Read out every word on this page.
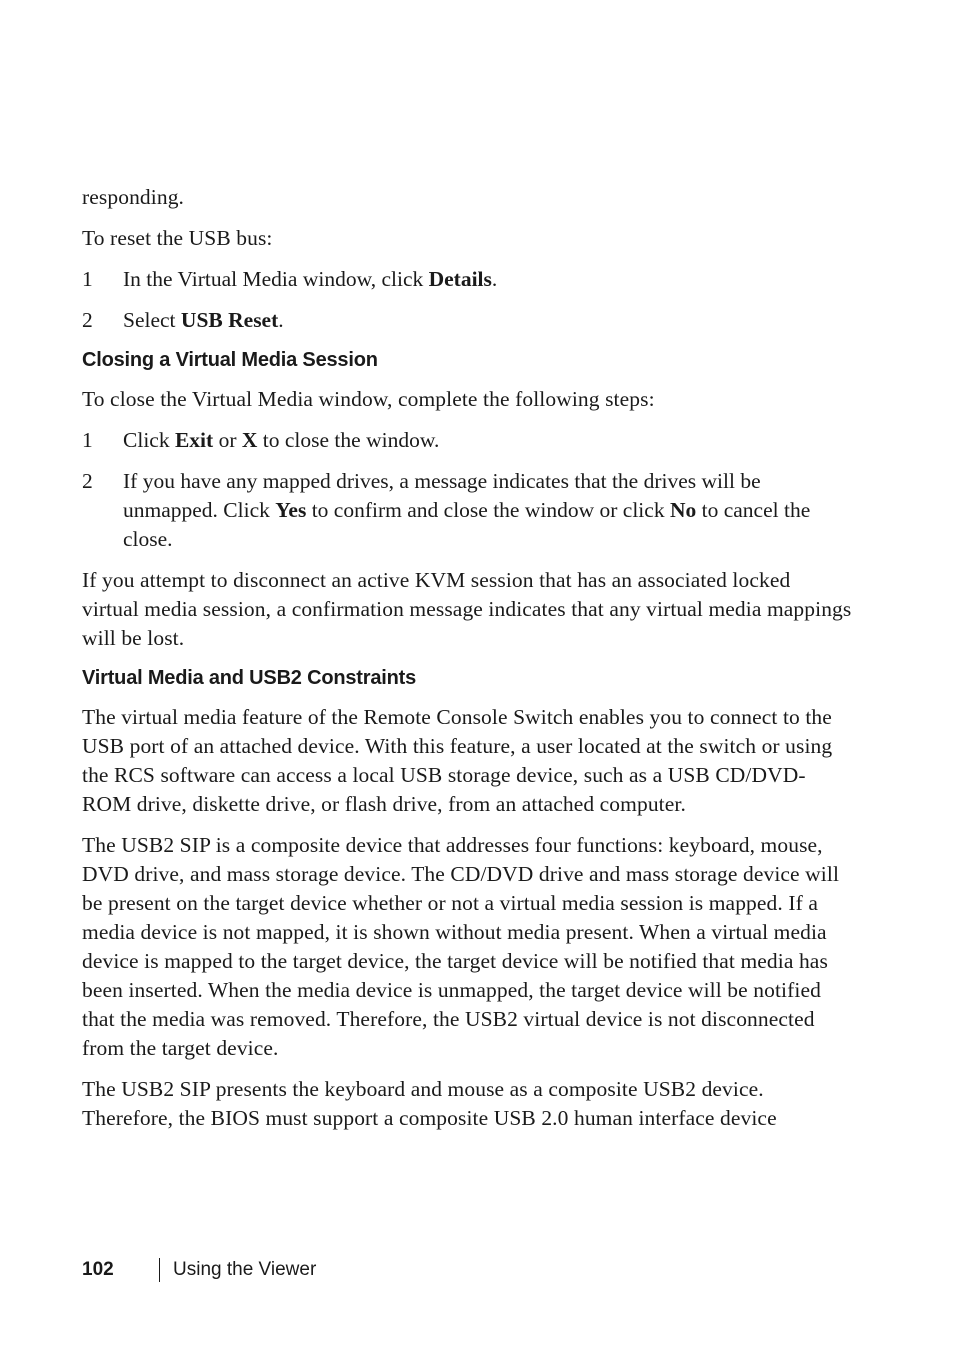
responding.

To reset the USB bus:

1	In the Virtual Media window, click Details.
2	Select USB Reset.
Closing a Virtual Media Session

To close the Virtual Media window, complete the following steps:

1	Click Exit or X to close the window.
2	If you have any mapped drives, a message indicates that the drives will be unmapped. Click Yes to confirm and close the window or click No to cancel the close.

If you attempt to disconnect an active KVM session that has an associated locked virtual media session, a confirmation message indicates that any virtual media mappings will be lost.

Virtual Media and USB2 Constraints

The virtual media feature of the Remote Console Switch enables you to connect to the USB port of an attached device. With this feature, a user located at the switch or using the RCS software can access a local USB storage device, such as a USB CD/DVD-ROM drive, diskette drive, or flash drive, from an attached computer.

The USB2 SIP is a composite device that addresses four functions: keyboard, mouse, DVD drive, and mass storage device. The CD/DVD drive and mass storage device will be present on the target device whether or not a virtual media session is mapped. If a media device is not mapped, it is shown without media present. When a virtual media device is mapped to the target device, the target device will be notified that media has been inserted. When the media device is unmapped, the target device will be notified that the media was removed. Therefore, the USB2 virtual device is not disconnected from the target device.

The USB2 SIP presents the keyboard and mouse as a composite USB2 device. Therefore, the BIOS must support a composite USB 2.0 human interface device

102	Using the Viewer
